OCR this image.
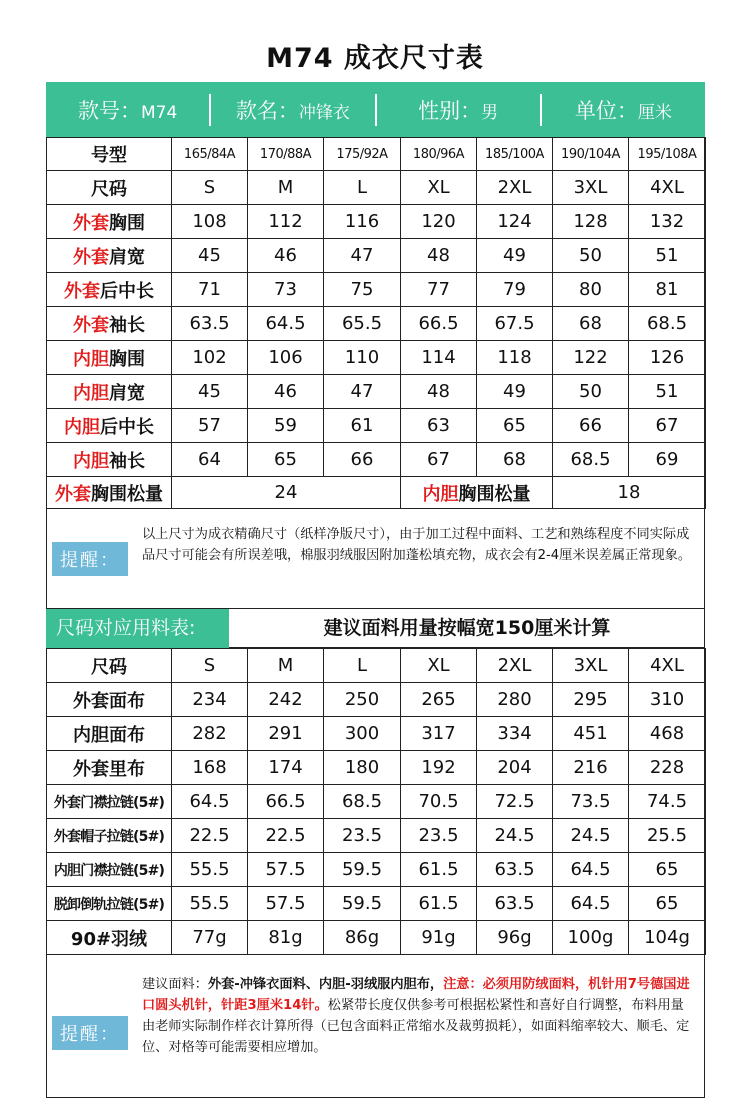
M74 成衣尺寸表
款号：M74	款名：冲锋衣	性别：男	单位：厘米
号型	165/84A	170/88A	175/92A	180/96A	185/100A	190/104A	195/108A
尺码	S	M	L	XL	2XL	3XL	4XL
外套胸围	108	112	116	120	124	128	132
外套肩宽	45	46	47	48	49	50	51
外套后中长	71	73	75	77	79	80	81
外套袖长	63.5	64.5	65.5	66.5	67.5	68	68.5
内胆胸围	102	106	110	114	118	122	126
内胆肩宽	45	46	47	48	49	50	51
内胆后中长	57	59	61	63	65	66	67
内胆袖长	64	65	66	67	68	68.5	69
外套胸围松量	24			内胆胸围松量		18	
提醒：
以上尺寸为成衣精确尺寸（纸样净版尺寸），由于加工过程中面料、工艺和熟练程度不同实际成品尺寸可能会有所误差哦，棉服羽绒服因附加蓬松填充物，成衣会有2-4厘米误差属正常现象。
尺码对应用料表:	建议面料用量按幅宽150厘米计算
尺码	S	M	L	XL	2XL	3XL	4XL
外套面布	234	242	250	265	280	295	310
内胆面布	282	291	300	317	334	451	468
外套里布	168	174	180	192	204	216	228
外套门襟拉链(5#)	64.5	66.5	68.5	70.5	72.5	73.5	74.5
外套帽子拉链(5#)	22.5	22.5	23.5	23.5	24.5	24.5	25.5
内胆门襟拉链(5#)	55.5	57.5	59.5	61.5	63.5	64.5	65
脱卸倒轨拉链(5#)	55.5	57.5	59.5	61.5	63.5	64.5	65
90#羽绒	77g	81g	86g	91g	96g	100g	104g
提醒：
建议面料：外套-冲锋衣面料、内胆-羽绒服内胆布，注意：必须用防绒面料，机针用7号德国进口圆头机针，针距3厘米14针。松紧带长度仅供参考可根据松紧性和喜好自行调整，布料用量由老师实际制作样衣计算所得（已包含面料正常缩水及裁剪损耗），如面料缩率较大、顺毛、定位、对格等可能需要相应增加。
